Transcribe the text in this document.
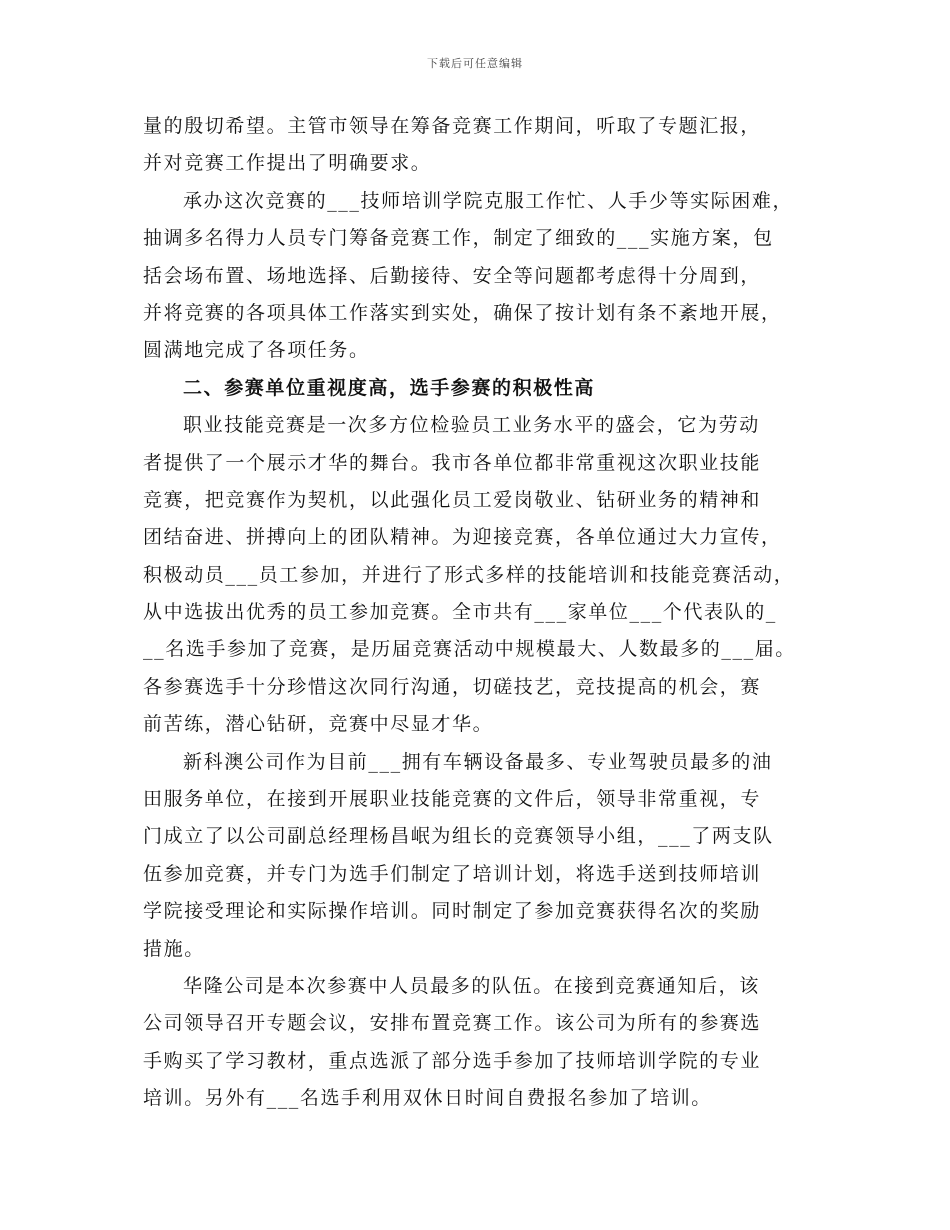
下载后可任意编辑
量的殷切希望。主管市领导在筹备竞赛工作期间，听取了专题汇报，
并对竞赛工作提出了明确要求。
承办这次竞赛的___技师培训学院克服工作忙、人手少等实际困难，
抽调多名得力人员专门筹备竞赛工作，制定了细致的___实施方案，包
括会场布置、场地选择、后勤接待、安全等问题都考虑得十分周到，
并将竞赛的各项具体工作落实到实处，确保了按计划有条不紊地开展，
圆满地完成了各项任务。
二、参赛单位重视度高，选手参赛的积极性高
职业技能竞赛是一次多方位检验员工业务水平的盛会，它为劳动
者提供了一个展示才华的舞台。我市各单位都非常重视这次职业技能
竞赛，把竞赛作为契机，以此强化员工爱岗敬业、钻研业务的精神和
团结奋进、拼搏向上的团队精神。为迎接竞赛，各单位通过大力宣传，
积极动员___员工参加，并进行了形式多样的技能培训和技能竞赛活动，
从中选拔出优秀的员工参加竞赛。全市共有___家单位___个代表队的_
__名选手参加了竞赛，是历届竞赛活动中规模最大、人数最多的___届。
各参赛选手十分珍惜这次同行沟通，切磋技艺，竞技提高的机会，赛
前苦练，潜心钻研，竞赛中尽显才华。
新科澳公司作为目前___拥有车辆设备最多、专业驾驶员最多的油
田服务单位，在接到开展职业技能竞赛的文件后，领导非常重视，专
门成立了以公司副总经理杨昌岷为组长的竞赛领导小组，___了两支队
伍参加竞赛，并专门为选手们制定了培训计划，将选手送到技师培训
学院接受理论和实际操作培训。同时制定了参加竞赛获得名次的奖励
措施。
华隆公司是本次参赛中人员最多的队伍。在接到竞赛通知后，该
公司领导召开专题会议，安排布置竞赛工作。该公司为所有的参赛选
手购买了学习教材，重点选派了部分选手参加了技师培训学院的专业
培训。另外有___名选手利用双休日时间自费报名参加了培训。
